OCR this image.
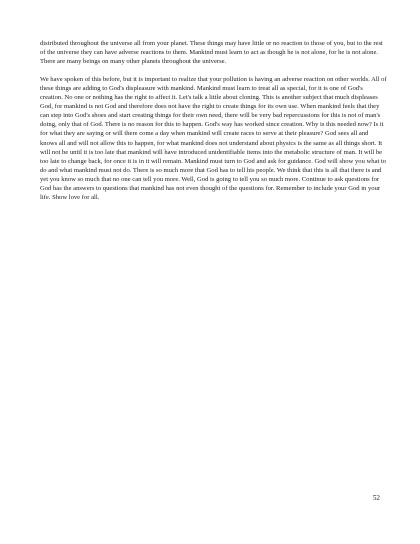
distributed throughout the universe all from your planet. These things may have little or no reaction to those of you, but to the rest of the universe they can have adverse reactions to them. Mankind must learn to act as though he is not alone, for he is not alone. There are many beings on many other planets throughout the universe.

We have spoken of this before, but it is important to realize that your pollution is having an adverse reaction on other worlds. All of these things are adding to God's displeasure with mankind. Mankind must learn to treat all as special, for it is one of God's creation. No one or nothing has the right to affect it. Let's talk a little about cloning. This is another subject that much displeases God, for mankind is not God and therefore does not have the right to create things for its own use. When mankind feels that they can step into God's shoes and start creating things for their own need, there will be very bad repercussions for this is not of man's doing, only that of God. There is no reason for this to happen. God's way has worked since creation. Why is this needed now? Is it for what they are saying or will there come a day when mankind will create races to serve at their pleasure? God sees all and knows all and will not allow this to happen, for what mankind does not understand about physics is the same as all things short. It will not be until it is too late that mankind will have introduced unidentifiable items into the metabolic structure of man. It will be too late to change back, for once it is in it will remain. Mankind must turn to God and ask for guidance. God will show you what to do and what mankind must not do. There is so much more that God has to tell his people. We think that this is all that there is and yet you know so much that no one can tell you more. Well, God is going to tell you so much more. Continue to ask questions for God has the answers to questions that mankind has not even thought of the questions for. Remember to include your God in your life. Show love for all.

52
